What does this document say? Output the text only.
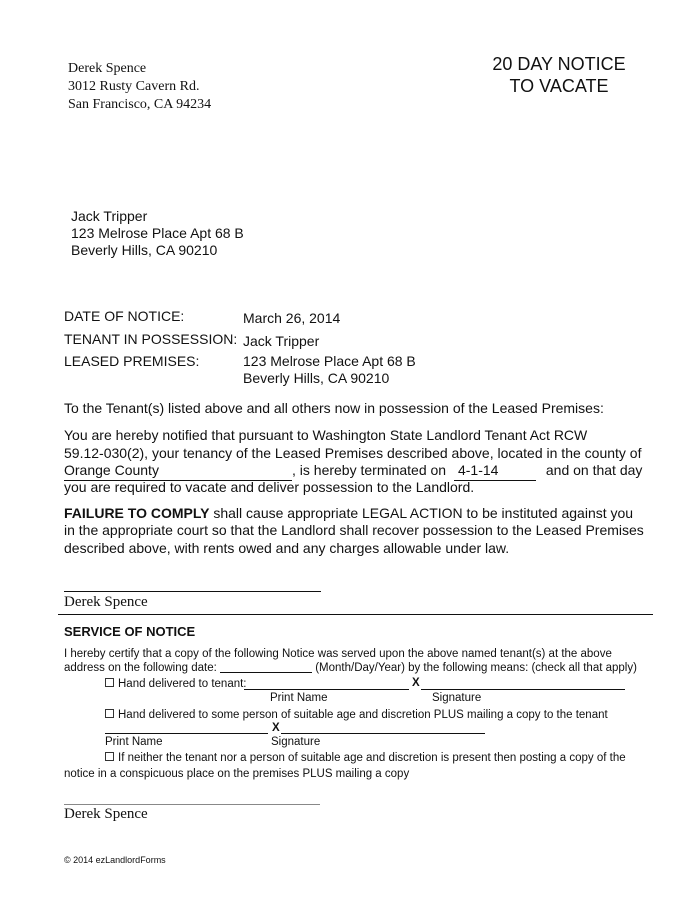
Derek Spence
3012 Rusty Cavern Rd.
San Francisco, CA 94234
20 DAY NOTICE
TO VACATE
Jack Tripper
123 Melrose Place Apt 68 B
Beverly Hills, CA 90210
DATE OF NOTICE:	March 26, 2014
TENANT IN POSSESSION: Jack Tripper
LEASED PREMISES:	123 Melrose Place Apt 68 B
Beverly Hills, CA 90210
To the Tenant(s) listed above and all others now in possession of the Leased Premises:
You are hereby notified that pursuant to Washington State Landlord Tenant Act RCW
59.12-030(2), your tenancy of the Leased Premises described above, located in the county of
Orange County	, is hereby terminated on 4-1-14	and on that day
you are required to vacate and deliver possession to the Landlord.
FAILURE TO COMPLY shall cause appropriate LEGAL ACTION to be instituted against you
in the appropriate court so that the Landlord shall recover possession to the Leased Premises
described above, with rents owed and any charges allowable under law.
Derek Spence
SERVICE OF NOTICE
I hereby certify that a copy of the following Notice was served upon the above named tenant(s) at the above
address on the following date:	(Month/Day/Year) by the following means: (check all that apply)
Hand delivered to tenant:	X
Print Name	Signature
Hand delivered to some person of suitable age and discretion PLUS mailing a copy to the tenant
X
Print Name	Signature
If neither the tenant nor a person of suitable age and discretion is present then posting a copy of the
notice in a conspicuous place on the premises PLUS mailing a copy
Derek Spence
© 2014 ezLandlordForms
